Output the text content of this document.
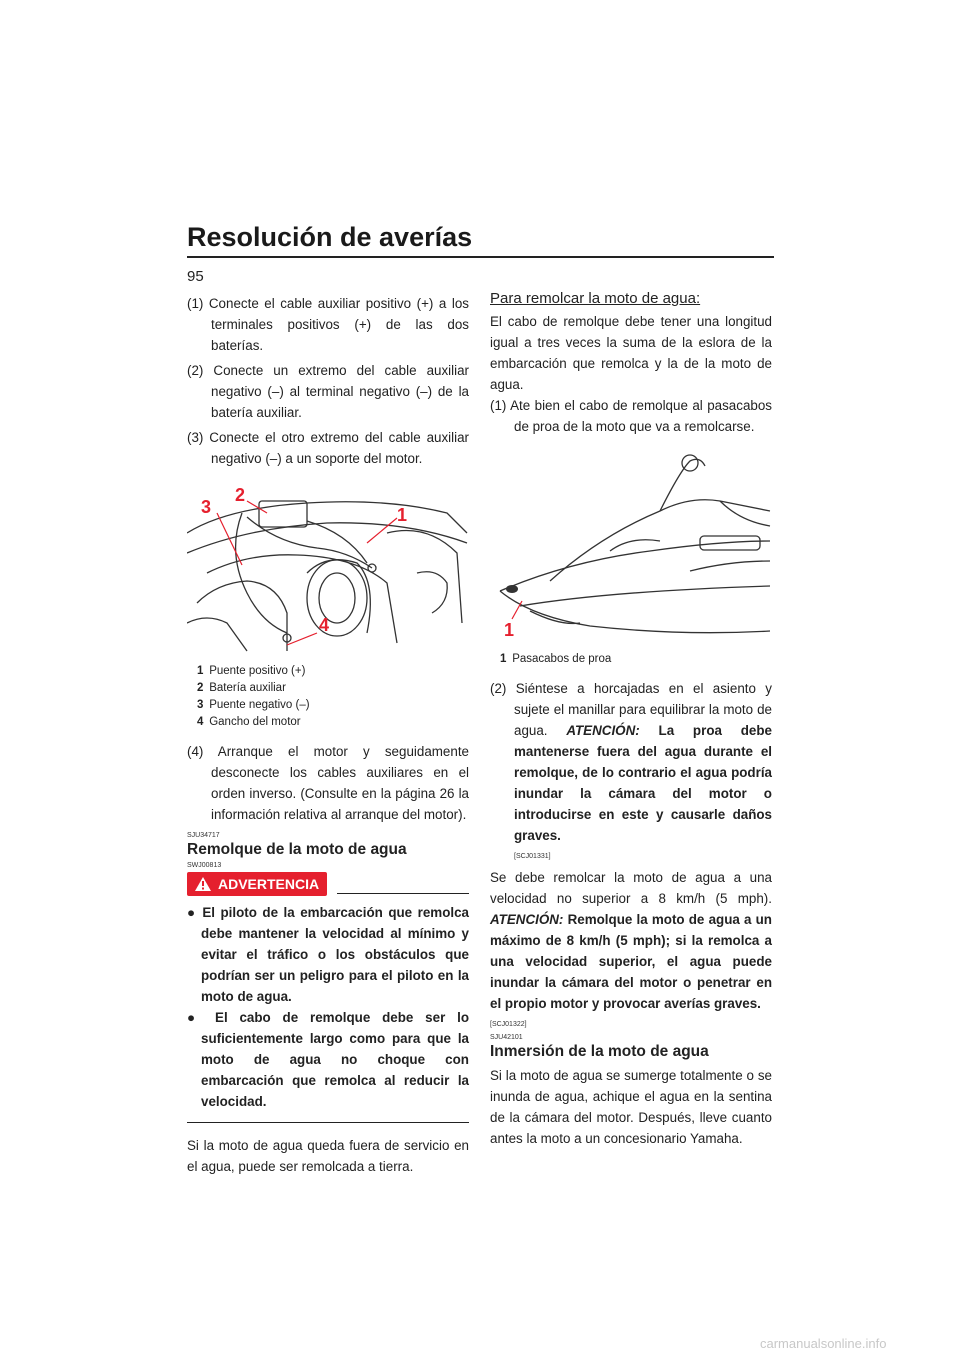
Resolución de averías
95

(1) Conecte el cable auxiliar positivo (+) a los terminales positivos (+) de las dos baterías.

(2) Conecte un extremo del cable auxiliar negativo (–) al terminal negativo (–) de la batería auxiliar.

(3) Conecte el otro extremo del cable auxiliar negativo (–) a un soporte del motor.

3
2
1
4
1 Puente positivo (+)
2 Batería auxiliar
3 Puente negativo (–)
4 Gancho del motor

(4) Arranque el motor y seguidamente desconecte los cables auxiliares en el orden inverso. (Consulte en la página 26 la información relativa al arranque del motor).

SJU34717
Remolque de la moto de agua
SWJ00813
ADVERTENCIA
● El piloto de la embarcación que remolca debe mantener la velocidad al mínimo y evitar el tráfico o los obstáculos que podrían ser un peligro para el piloto en la moto de agua.
● El cabo de remolque debe ser lo suficientemente largo como para que la moto de agua no choque con embarcación que remolca al reducir la velocidad.

Si la moto de agua queda fuera de servicio en el agua, puede ser remolcada a tierra.

Para remolcar la moto de agua:

El cabo de remolque debe tener una longitud igual a tres veces la suma de la eslora de la embarcación que remolca y la de la moto de agua.

(1) Ate bien el cabo de remolque al pasacabos de proa de la moto que va a remolcarse.

1
1 Pasacabos de proa

(2) Siéntese a horcajadas en el asiento y sujete el manillar para equilibrar la moto de agua. ATENCIÓN: La proa debe mantenerse fuera del agua durante el remolque, de lo contrario el agua podría inundar la cámara del motor o introducirse en este y causarle daños graves.

[SCJ01331]

Se debe remolcar la moto de agua a una velocidad no superior a 8 km/h (5 mph). ATENCIÓN: Remolque la moto de agua a un máximo de 8 km/h (5 mph); si la remolca a una velocidad superior, el agua puede inundar la cámara del motor o penetrar en el propio motor y provocar averías graves.

[SCJ01322]
SJU42101
Inmersión de la moto de agua

Si la moto de agua se sumerge totalmente o se inunda de agua, achique el agua en la sentina de la cámara del motor. Después, lleve cuanto antes la moto a un concesionario Yamaha.

carmanualsonline.info
